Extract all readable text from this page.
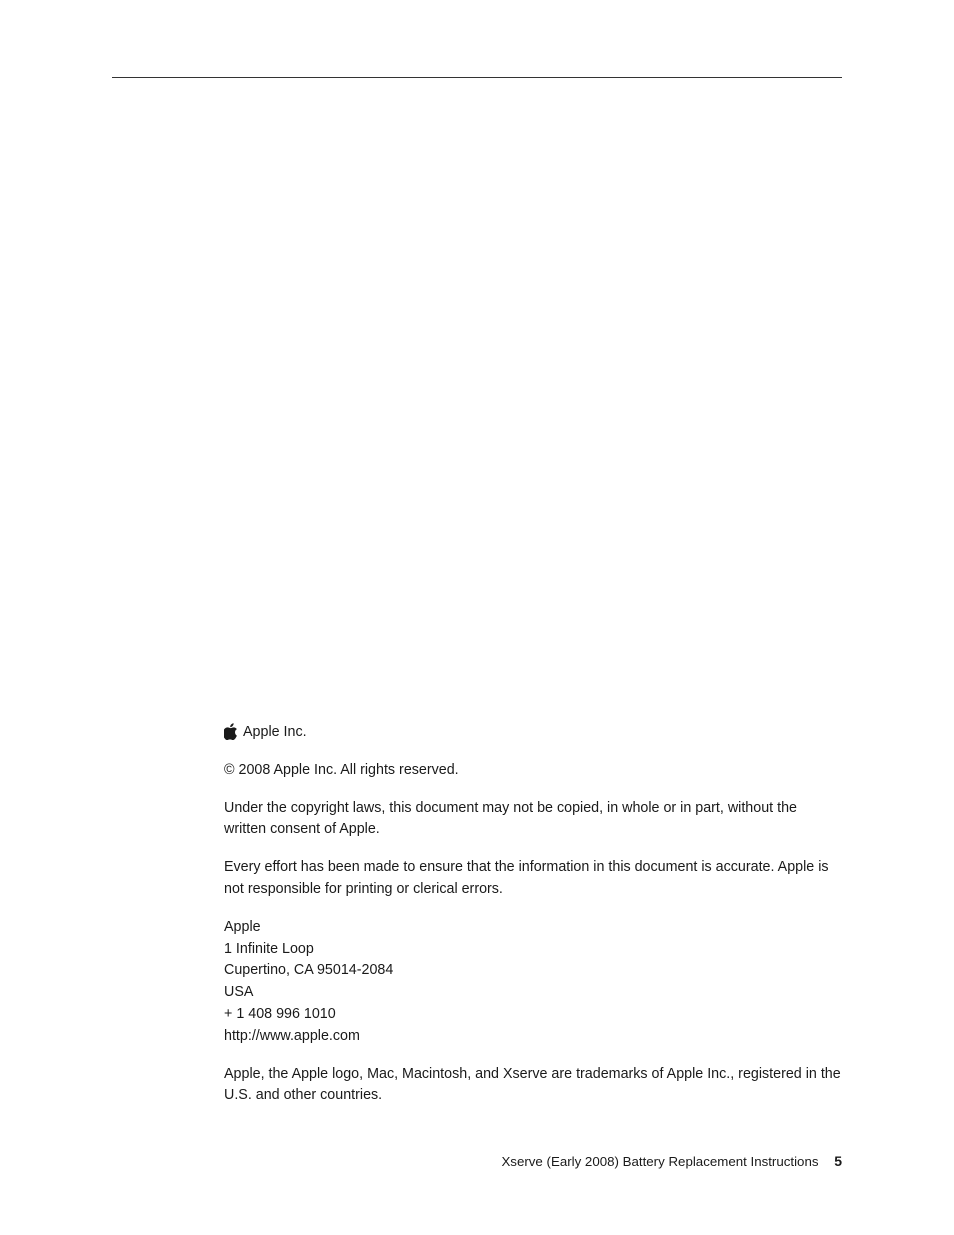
Apple Inc.

© 2008 Apple Inc. All rights reserved.

Under the copyright laws, this document may not be copied, in whole or in part, without the written consent of Apple.

Every effort has been made to ensure that the information in this document is accurate. Apple is not responsible for printing or clerical errors.

Apple
1 Infinite Loop
Cupertino, CA 95014-2084
USA
+ 1 408 996 1010
http://www.apple.com

Apple, the Apple logo, Mac, Macintosh, and Xserve are trademarks of Apple Inc., registered in the U.S. and other countries.

Xserve (Early 2008) Battery Replacement Instructions 5
